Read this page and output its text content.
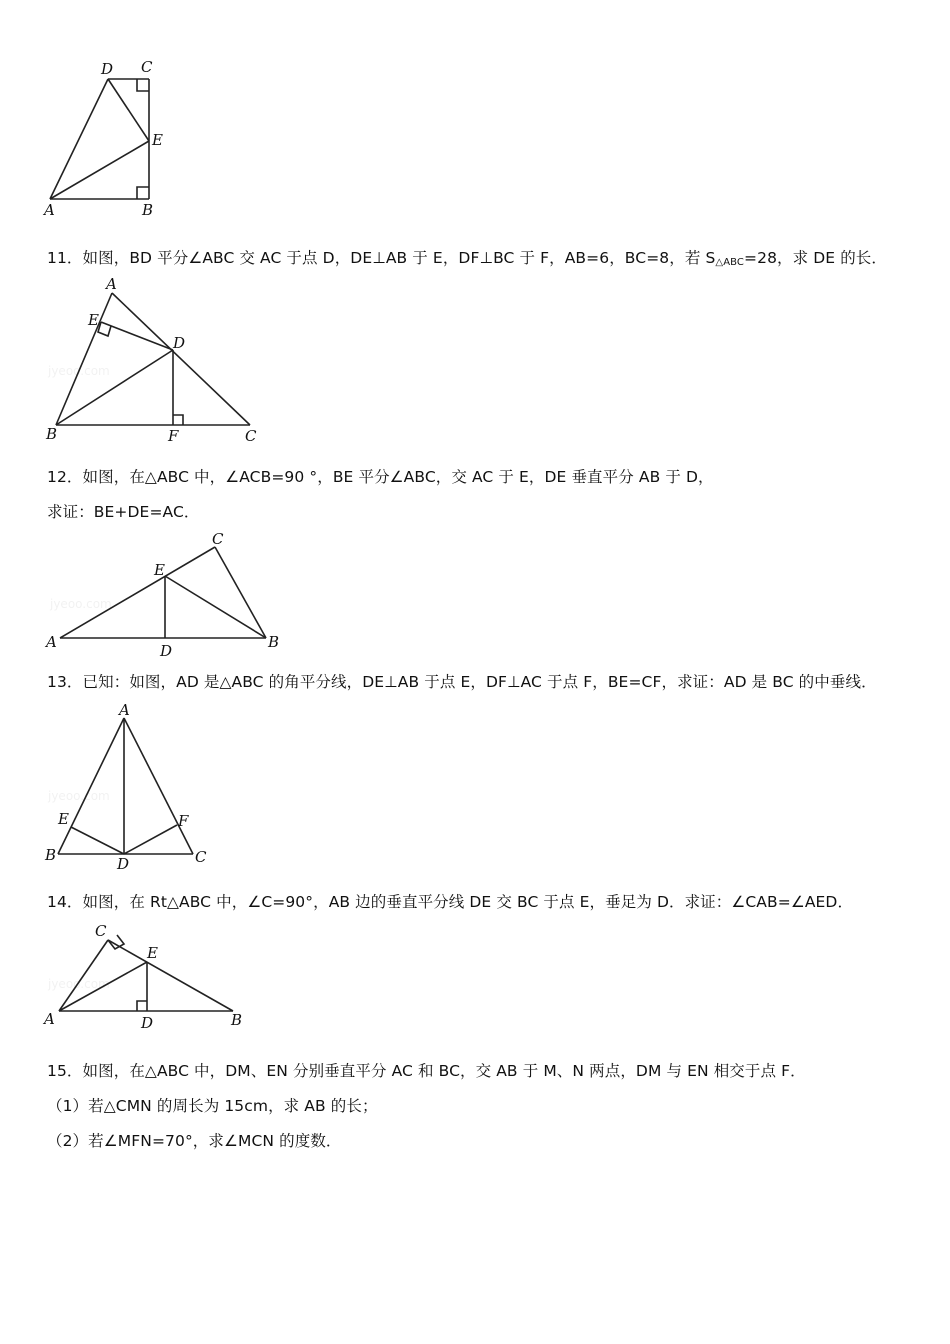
D C
E
A	B
11．如图，BD 平分∠ABC 交 AC 于点 D，DE⊥AB 于 E，DF⊥BC 于 F，AB=6，BC=8，若 $S_{\triangle ABC}=28$，求 DE 的长．
jyeoo.com
A
E
D
B	F	C
12．如图，在△ABC 中，∠ACB=90 °，BE 平分∠ABC，交 AC 于 E，DE 垂直平分 AB 于 D，
求证：BE+DE=AC．
jyeoo.com
C
E
A	B
D
13．已知：如图，AD 是△ABC 的角平分线，DE⊥AB 于点 E，DF⊥AC 于点 F，BE=CF，求证：AD 是 BC 的中垂线．
jyeoo.com
A
E	F
B	D	C
14．如图，在 Rt△ABC 中，∠C=90°，AB 边的垂直平分线 DE 交 BC 于点 E，垂足为 D．求证：∠CAB=∠AED．
jyeoo.com
C
E
A	D	B
15．如图，在△ABC 中，DM、EN 分别垂直平分 AC 和 BC，交 AB 于 M、N 两点，DM 与 EN 相交于点 F．
（1）若△CMN 的周长为 15cm，求 AB 的长；
（2）若∠MFN=70°，求∠MCN 的度数．
